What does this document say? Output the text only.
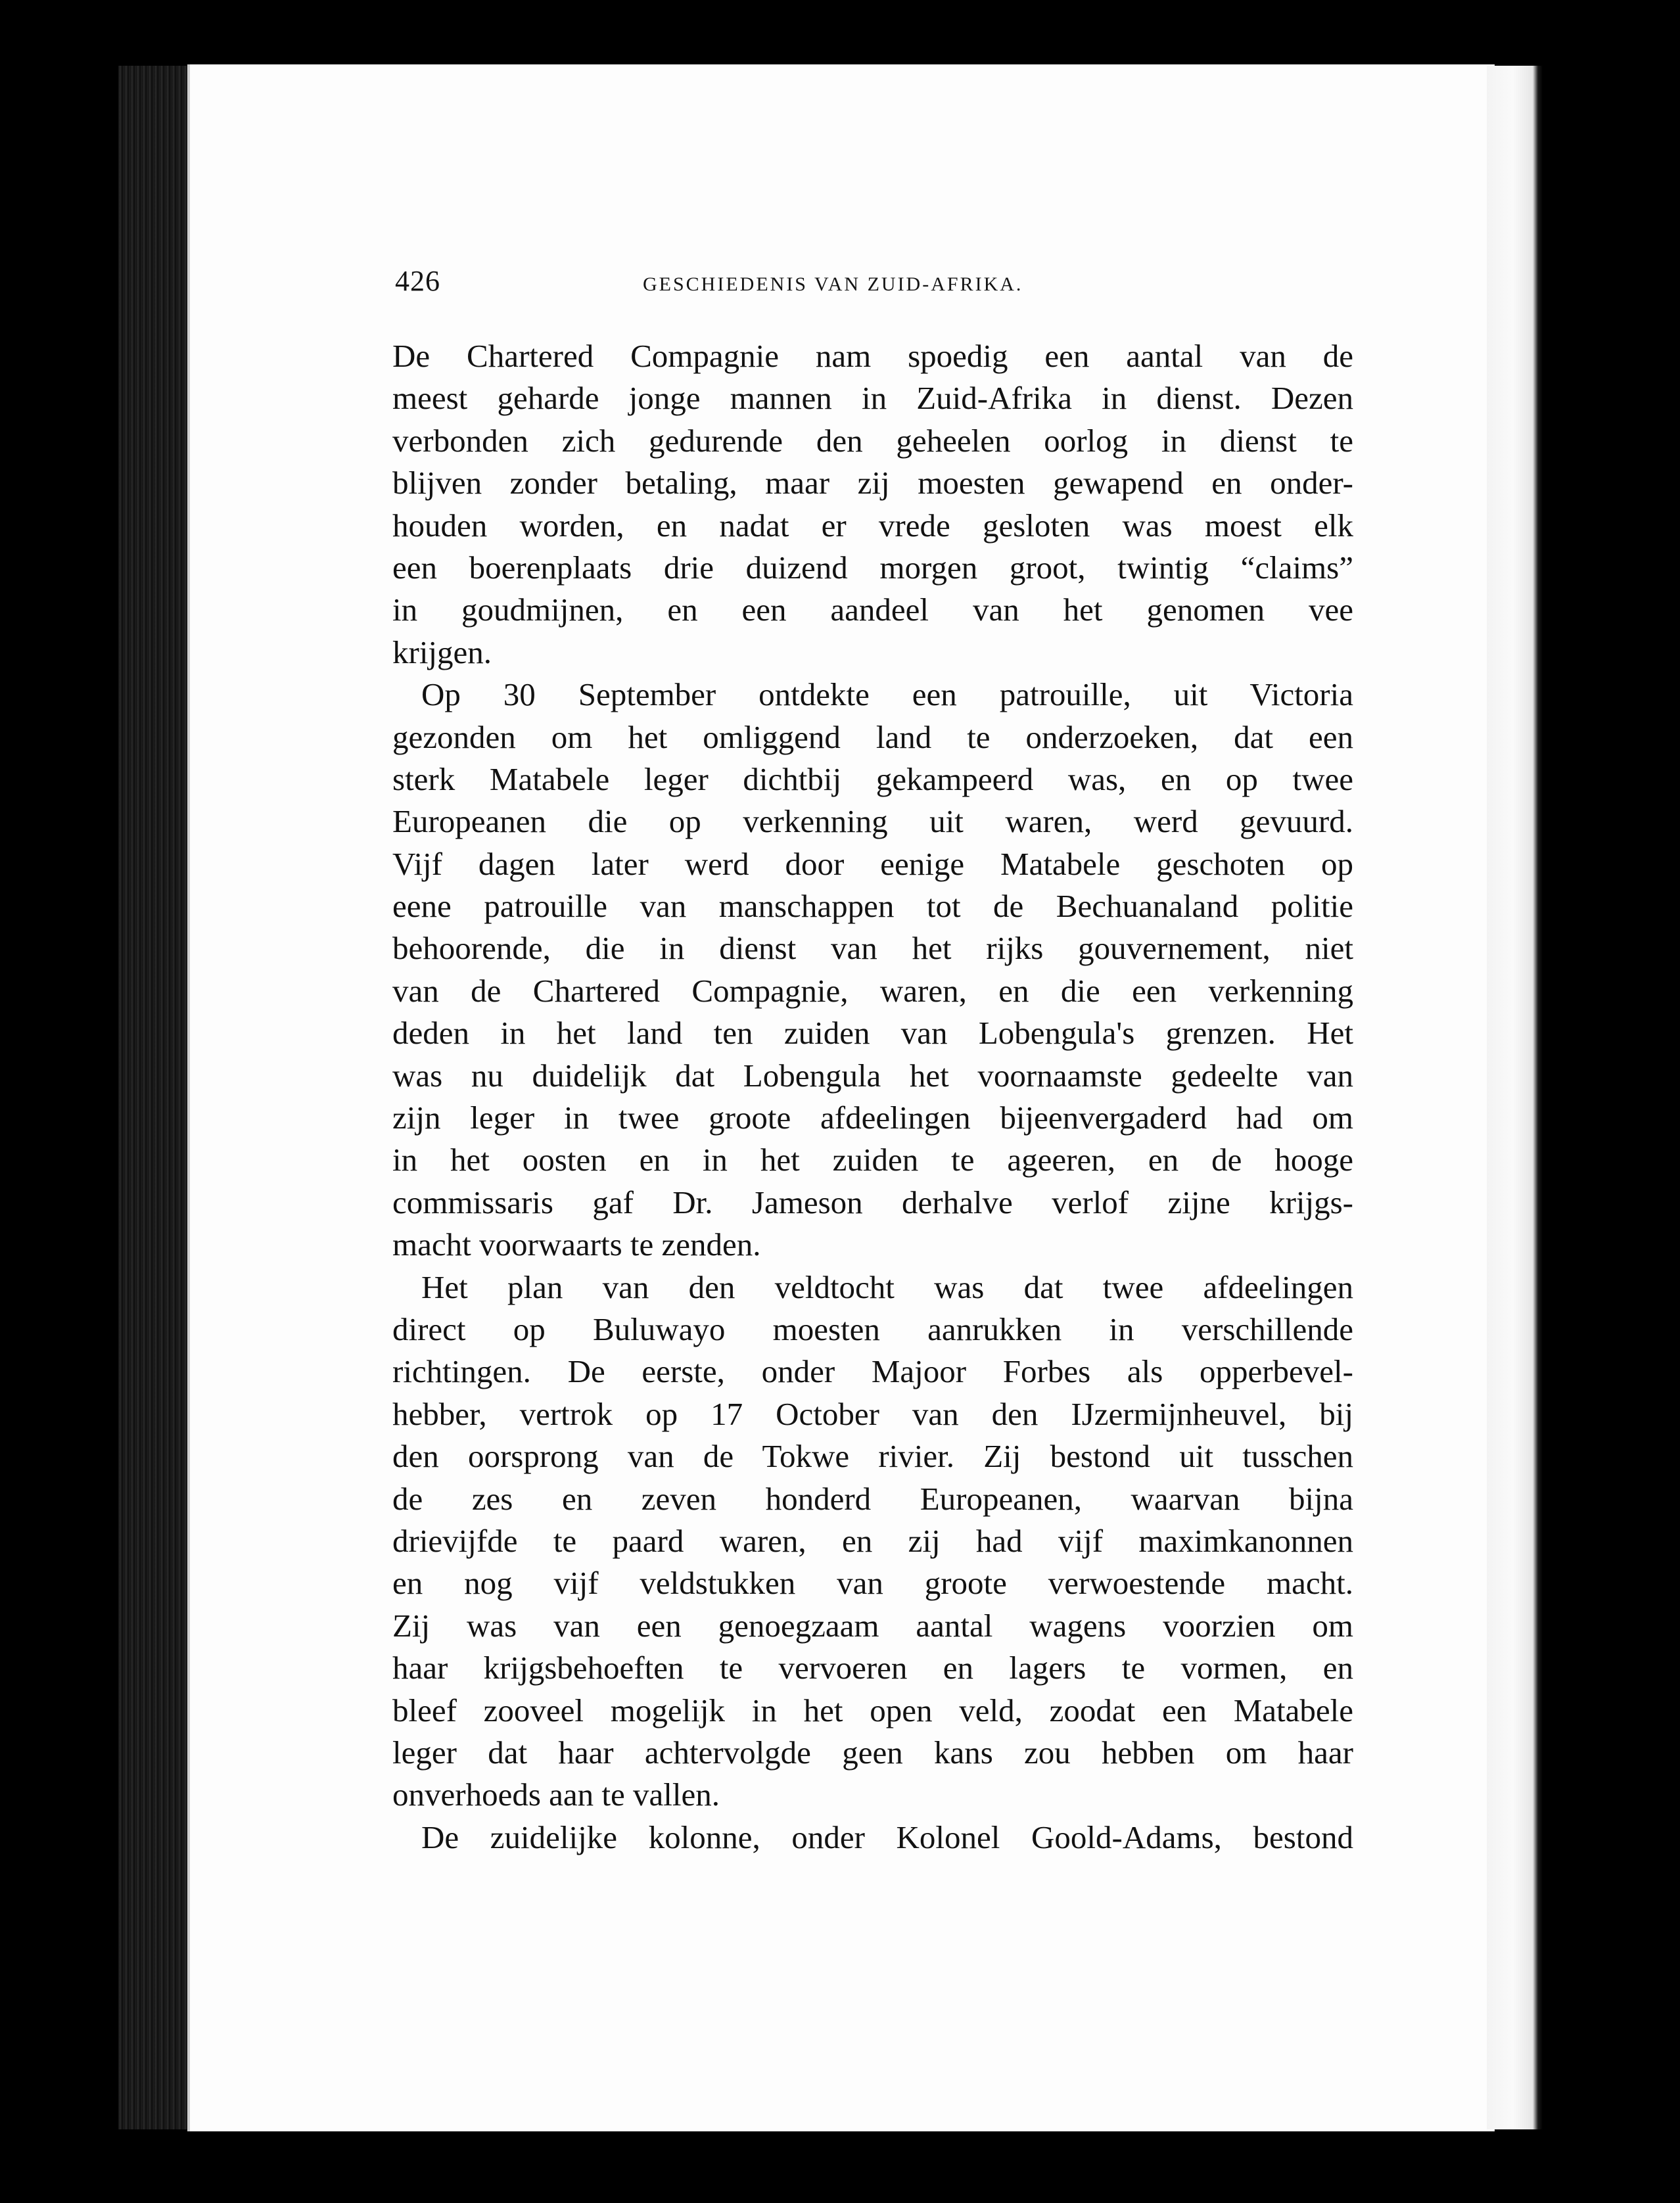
426	GESCHIEDENIS VAN ZUID-AFRIKA.
De Chartered Compagnie nam spoedig een aantal van de
meest geharde jonge mannen in Zuid-Afrika in dienst. Dezen
verbonden zich gedurende den geheelen oorlog in dienst te
blijven zonder betaling, maar zij moesten gewapend en onder-
houden worden, en nadat er vrede gesloten was moest elk
een boerenplaats drie duizend morgen groot, twintig “claims”
in goudmijnen, en een aandeel van het genomen vee
krijgen.
Op 30 September ontdekte een patrouille, uit Victoria
gezonden om het omliggend land te onderzoeken, dat een
sterk Matabele leger dichtbij gekampeerd was, en op twee
Europeanen die op verkenning uit waren, werd gevuurd.
Vijf dagen later werd door eenige Matabele geschoten op
eene patrouille van manschappen tot de Bechuanaland politie
behoorende, die in dienst van het rijks gouvernement, niet
van de Chartered Compagnie, waren, en die een verkenning
deden in het land ten zuiden van Lobengula's grenzen. Het
was nu duidelijk dat Lobengula het voornaamste gedeelte van
zijn leger in twee groote afdeelingen bijeenvergaderd had om
in het oosten en in het zuiden te ageeren, en de hooge
commissaris gaf Dr. Jameson derhalve verlof zijne krijgs-
macht voorwaarts te zenden.
Het plan van den veldtocht was dat twee afdeelingen
direct op Buluwayo moesten aanrukken in verschillende
richtingen. De eerste, onder Majoor Forbes als opperbevel-
hebber, vertrok op 17 October van den IJzermijnheuvel, bij
den oorsprong van de Tokwe rivier. Zij bestond uit tusschen
de zes en zeven honderd Europeanen, waarvan bijna
drievijfde te paard waren, en zij had vijf maximkanonnen
en nog vijf veldstukken van groote verwoestende macht.
Zij was van een genoegzaam aantal wagens voorzien om
haar krijgsbehoeften te vervoeren en lagers te vormen, en
bleef zooveel mogelijk in het open veld, zoodat een Matabele
leger dat haar achtervolgde geen kans zou hebben om haar
onverhoeds aan te vallen.
De zuidelijke kolonne, onder Kolonel Goold-Adams, bestond
